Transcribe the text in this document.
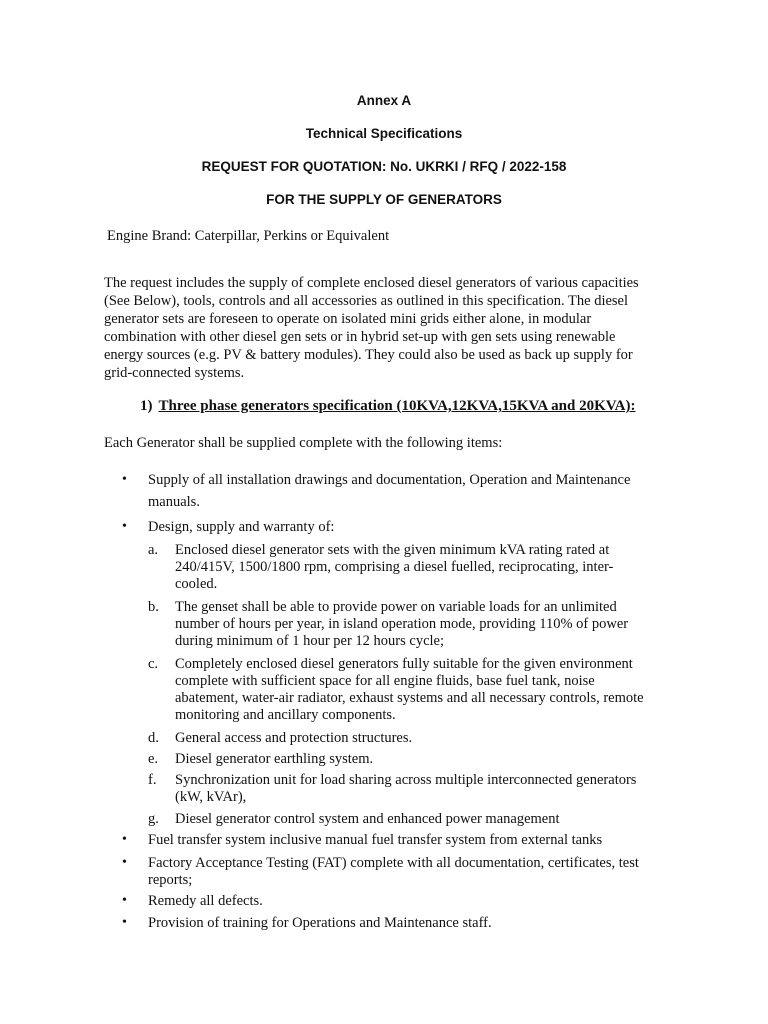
Annex A
Technical Specifications
REQUEST FOR QUOTATION: No. UKRKI / RFQ / 2022-158
FOR THE SUPPLY OF GENERATORS
Engine Brand: Caterpillar, Perkins or Equivalent
The request includes the supply of complete enclosed diesel generators of various capacities
(See Below), tools, controls and all accessories as outlined in this specification. The diesel
generator sets are foreseen to operate on isolated mini grids either alone, in modular
combination with other diesel gen sets or in hybrid set-up with gen sets using renewable
energy sources (e.g. PV & battery modules). They could also be used as back up supply for
grid-connected systems.
1) Three phase generators specification (10KVA,12KVA,15KVA and 20KVA):
Each Generator shall be supplied complete with the following items:
• Supply of all installation drawings and documentation, Operation and Maintenance
manuals.
• Design, supply and warranty of:
a. Enclosed diesel generator sets with the given minimum kVA rating rated at
240/415V, 1500/1800 rpm, comprising a diesel fuelled, reciprocating, inter-
cooled.
b. The genset shall be able to provide power on variable loads for an unlimited
number of hours per year, in island operation mode, providing 110% of power
during minimum of 1 hour per 12 hours cycle;
c. Completely enclosed diesel generators fully suitable for the given environment
complete with sufficient space for all engine fluids, base fuel tank, noise
abatement, water-air radiator, exhaust systems and all necessary controls, remote
monitoring and ancillary components.
d. General access and protection structures.
e. Diesel generator earthling system.
f. Synchronization unit for load sharing across multiple interconnected generators
(kW, kVAr),
g. Diesel generator control system and enhanced power management
• Fuel transfer system inclusive manual fuel transfer system from external tanks
• Factory Acceptance Testing (FAT) complete with all documentation, certificates, test
reports;
• Remedy all defects.
• Provision of training for Operations and Maintenance staff.
